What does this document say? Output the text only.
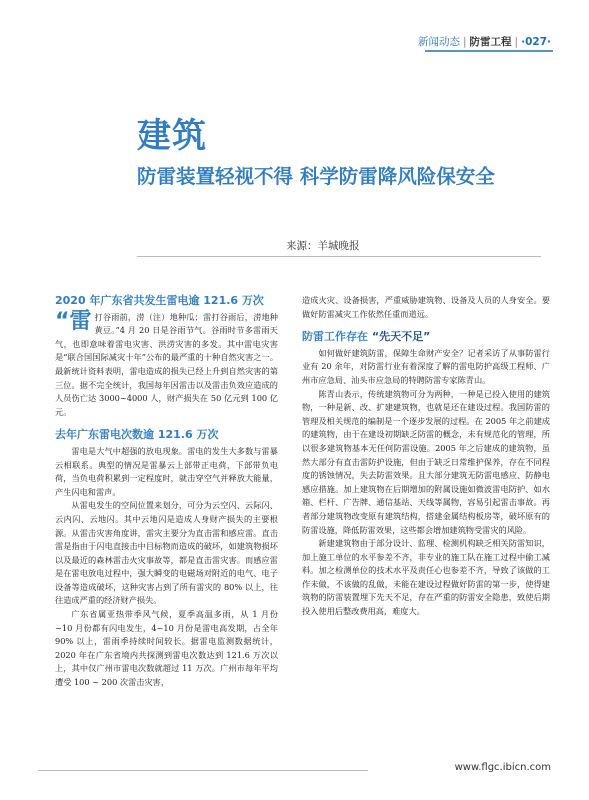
新闻动态 | 防雷工程 | ·027·
建筑
防雷装置轻视不得 科学防雷降风险保安全
来源：羊城晚报
2020 年广东省共发生雷电逾 121.6 万次

“雷打谷雨前，涝（注）地种瓜；雷打谷雨后，涝地种黄豆。”4 月 20 日是谷雨节气。谷雨时节多雷雨天气，也即意味着雷电灾害、洪涝灾害的多发。其中雷电灾害是“联合国国际减灾十年”公布的最严重的十种自然灾害之一。最新统计资料表明，雷电造成的损失已经上升到自然灾害的第三位。据不完全统计，我国每年因雷击以及雷击负效应造成的人员伤亡达 3000~4000 人，财产损失在 50 亿元到 100 亿元。

去年广东雷电次数逾 121.6 万次

雷电是大气中超强的放电现象。雷电的发生大多数与雷暴云相联系。典型的情况是雷暴云上部带正电荷，下部带负电荷，当负电荷积累到一定程度时，就击穿空气并释放大能量，产生闪电和雷声。

从雷电发生的空间位置来划分，可分为云空闪、云际闪、云内闪、云地闪。其中云地闪是造成人身财产损失的主要根源。从雷击灾害角度讲，雷灾主要分为直击雷和感应雷。直击雷是指由于闪电直接击中目标物而造成的破坏，如建筑物损坏以及最近的森林雷击火灾事故等，都是直击雷灾害。而感应雷是在雷电放电过程中，强大瞬变的电磁场对附近的电气、电子设备等造成破坏，这种灾害占到了所有雷灾的 80% 以上，往往造成严重的经济财产损失。

广东省属亚热带季风气候，夏季高温多雨，从 1 月份~10 月份都有闪电发生，4~10 月份是雷电高发期，占全年 90% 以上，雷雨季持续时间较长。据雷电监测数据统计，2020 年在广东省境内共探测到雷电次数达到 121.6 万次以上，其中仅广州市雷电次数就超过 11 万次。广州市每年平均遭受 100 ~ 200 次雷击灾害，

造成火灾、设备损害，严重威胁建筑物、设备及人员的人身安全。要做好防雷减灾工作依然任重而道远。

防雷工作存在 “先天不足”

如何做好建筑防雷，保障生命财产安全？记者采访了从事防雷行业有 20 余年，对防雷行业有着深度了解的雷电防护高级工程师、广州市应急局、汕头市应急局的特聘防雷专家陈青山。

陈青山表示，传统建筑物可分为两种，一种是已投入使用的建筑物，一种是新、改、扩建建筑物，也就是还在建设过程。我国防雷的管理及相关规范的编制是一个逐步发展的过程。在 2005 年之前建成的建筑物，由于在建设初期缺乏防雷的概念，未有规范化的管理，所以很多建筑物基本无任何防雷设施。2005 年之后建成的建筑物，虽然大部分有直击雷防护设施，但由于缺乏日常维护保养，存在不同程度的锈蚀情况，失去防雷效果。且大部分建筑无防雷电感应、防静电感应措施。加上建筑物在后期增加的附属设施如微波雷电防护、如水箱、栏杆、广告牌、通信基站、天线等属物，容易引起雷击事故。再者部分建筑物改变原有建筑结构，搭建金属结构板房等，破坏原有的防雷设施，降低防雷效果，这些都会增加建筑物受雷灾的风险。

新建建筑物由于部分设计、监理、检测机构缺乏相关防雷知识，加上施工单位的水平参差不齐，非专业的施工队在施工过程中偷工减料。加之检测单位的技术水平及责任心也参差不齐，导致了该做的工作未做，不该做的乱做，未能在建设过程做好防雷的第一步，使得建筑物的防雷装置埋下先天不足，存在严重的防雷安全隐患，致使后期投入使用后整改费用高，难度大。

www.flgc.ibicn.com
